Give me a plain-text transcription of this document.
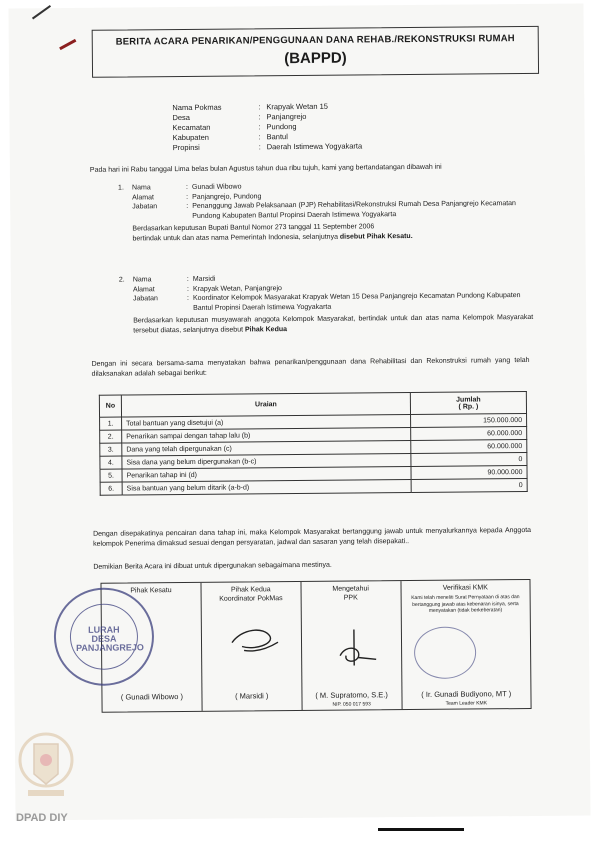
BERITA ACARA PENARIKAN/PENGGUNAAN DANA REHAB./REKONSTRUKSI RUMAH
(BAPPD)
Nama Pokmas	: Krapyak Wetan 15
Desa	: Panjangrejo
Kecamatan	: Pundong
Kabupaten	: Bantul
Propinsi	: Daerah Istimewa Yogyakarta
Pada hari ini Rabu tanggal Lima belas bulan Agustus tahun dua ribu tujuh, kami yang bertandatangan dibawah ini
1.	Nama	: Gunadi Wibowo
Alamat	: Panjangrejo, Pundong
Jabatan	: Penanggung Jawab Pelaksanaan (PJP) Rehabilitasi/Rekonstruksi Rumah Desa Panjangrejo Kecamatan Pundong Kabupaten Bantul Propinsi Daerah Istimewa Yogyakarta
Berdasarkan keputusan Bupati Bantul Nomor 273 tanggal 11 September 2006
bertindak untuk dan atas nama Pemerintah Indonesia, selanjutnya disebut Pihak Kesatu.
2.	Nama	: Marsidi
Alamat	: Krapyak Wetan, Panjangrejo
Jabatan	: Koordinator Kelompok Masyarakat Krapyak Wetan 15 Desa Panjangrejo Kecamatan Pundong Kabupaten Bantul Propinsi Daerah Istimewa Yogyakarta
Berdasarkan keputusan musyawarah anggota Kelompok Masyarakat, bertindak untuk dan atas nama Kelompok Masyarakat tersebut diatas, selanjutnya disebut Pihak Kedua
Dengan ini secara bersama-sama menyatakan bahwa penarikan/penggunaan dana Rehabilitasi dan Rekonstruksi rumah yang telah dilaksanakan adalah sebagai berikut:
No	Uraian	Jumlah
( Rp. )
1.	Total bantuan yang disetujui (a)	150.000.000
2.	Penarikan sampai dengan tahap lalu (b)	60.000.000
3.	Dana yang telah dipergunakan (c)	60.000.000
4.	Sisa dana yang belum dipergunakan (b-c)	0
5.	Penarikan tahap ini (d)	90.000.000
6.	Sisa bantuan yang belum ditarik (a-b-d)	0
Dengan disepakatinya pencairan dana tahap ini, maka Kelompok Masyarakat bertanggung jawab untuk menyalurkannya kepada Anggota kelompok Penerima dimaksud sesuai dengan persyaratan, jadwal dan sasaran yang telah disepakati..
Demikian Berita Acara ini dibuat untuk dipergunakan sebagaimana mestinya.
Pihak Kesatu
( Gunadi Wibowo )
Pihak Kedua
Koordinator PokMas
( Marsidi )
Mengetahui
PPK
( M. Supratomo, S.E.)
NIP. 050 017 593
Verifikasi KMK
Kami telah meneliti Surat Pernyataan di atas dan bertanggung jawab atas kebenaran isinya, serta menyatakan (tidak berkeberatan)
( Ir. Gunadi Budiyono, MT )
Team Leader KMK
LURAH DESA PANJANGREJO
DPAD DIY
